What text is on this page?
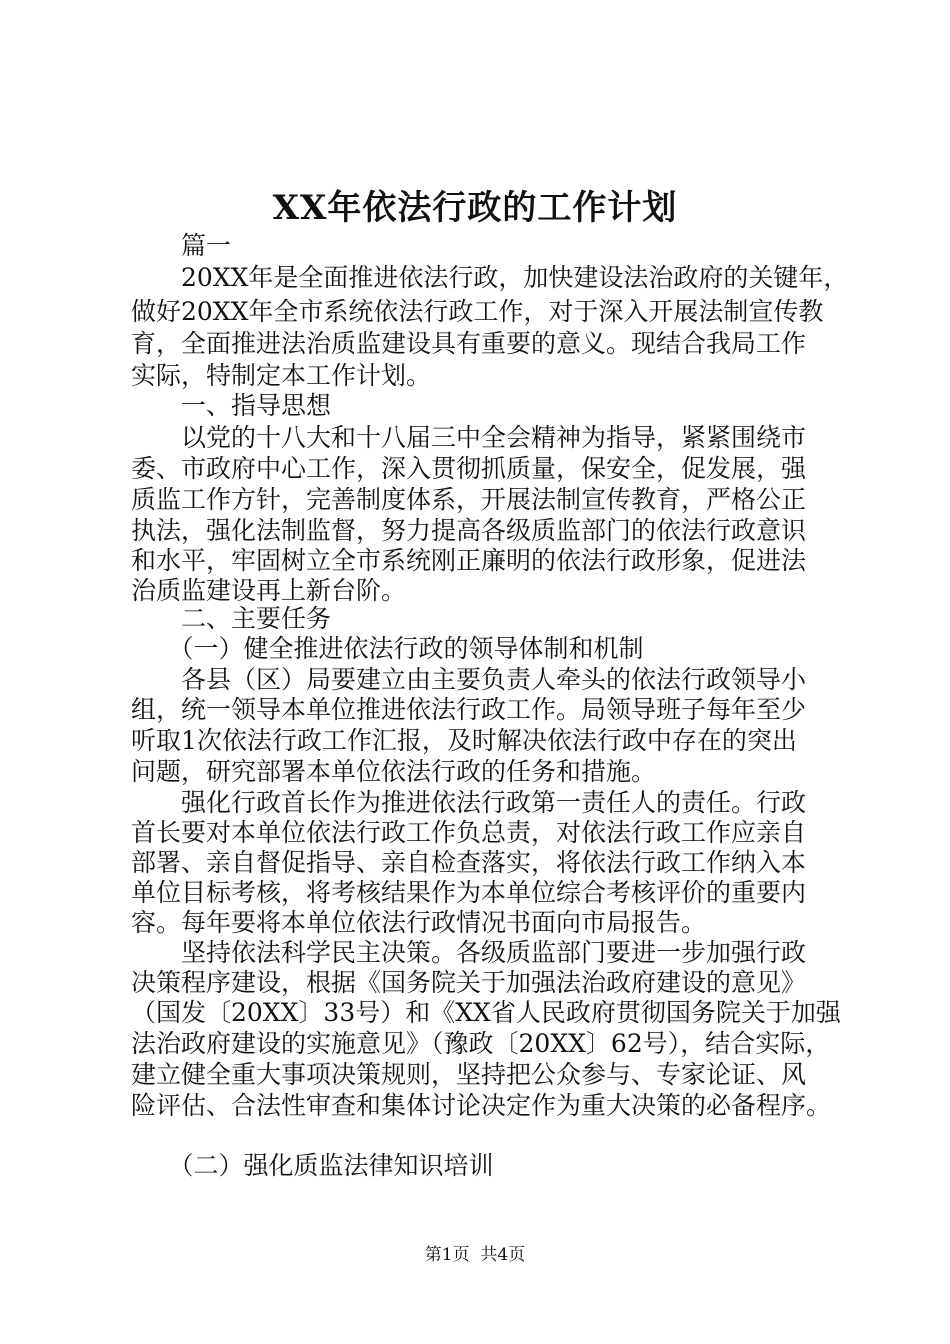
XX年依法行政的工作计划
　　篇一
　　20XX年是全面推进依法行政，加快建设法治政府的关键年，
做好20XX年全市系统依法行政工作，对于深入开展法制宣传教
育，全面推进法治质监建设具有重要的意义。现结合我局工作
实际，特制定本工作计划。
　　一、指导思想
　　以党的十八大和十八届三中全会精神为指导，紧紧围绕市
委、市政府中心工作，深入贯彻抓质量，保安全，促发展，强
质监工作方针，完善制度体系，开展法制宣传教育，严格公正
执法，强化法制监督，努力提高各级质监部门的依法行政意识
和水平，牢固树立全市系统刚正廉明的依法行政形象，促进法
治质监建设再上新台阶。
　　二、主要任务
　　（一）健全推进依法行政的领导体制和机制
　　各县（区）局要建立由主要负责人牵头的依法行政领导小
组，统一领导本单位推进依法行政工作。局领导班子每年至少
听取1次依法行政工作汇报，及时解决依法行政中存在的突出
问题，研究部署本单位依法行政的任务和措施。
　　强化行政首长作为推进依法行政第一责任人的责任。行政
首长要对本单位依法行政工作负总责，对依法行政工作应亲自
部署、亲自督促指导、亲自检查落实，将依法行政工作纳入本
单位目标考核，将考核结果作为本单位综合考核评价的重要内
容。每年要将本单位依法行政情况书面向市局报告。
　　坚持依法科学民主决策。各级质监部门要进一步加强行政
决策程序建设，根据《国务院关于加强法治政府建设的意见》
（国发〔20XX〕33号）和《XX省人民政府贯彻国务院关于加强
法治政府建设的实施意见》（豫政〔20XX〕62号），结合实际，
建立健全重大事项决策规则，坚持把公众参与、专家论证、风
险评估、合法性审查和集体讨论决定作为重大决策的必备程序。
　　（二）强化质监法律知识培训
第1页  共4页
